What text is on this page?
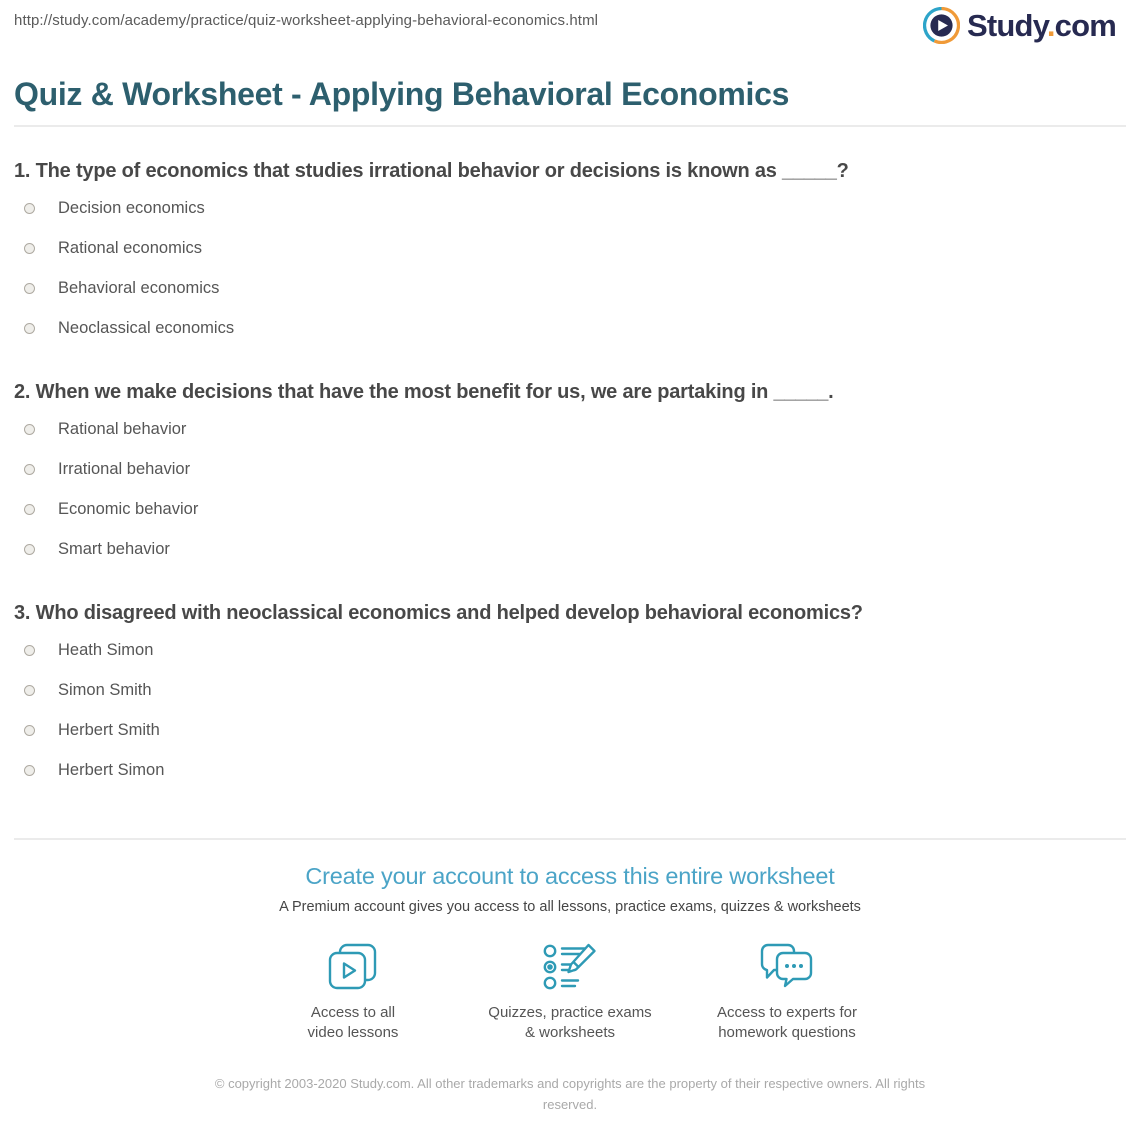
http://study.com/academy/practice/quiz-worksheet-applying-behavioral-economics.html	Study.com
Quiz & Worksheet - Applying Behavioral Economics
1. The type of economics that studies irrational behavior or decisions is known as _____?
Decision economics
Rational economics
Behavioral economics
Neoclassical economics
2. When we make decisions that have the most benefit for us, we are partaking in _____.
Rational behavior
Irrational behavior
Economic behavior
Smart behavior
3. Who disagreed with neoclassical economics and helped develop behavioral economics?
Heath Simon
Simon Smith
Herbert Smith
Herbert Simon
Create your account to access this entire worksheet
A Premium account gives you access to all lessons, practice exams, quizzes & worksheets
Access to all
video lessons
Quizzes, practice exams
& worksheets
Access to experts for
homework questions
© copyright 2003-2020 Study.com. All other trademarks and copyrights are the property of their respective owners. All rights reserved.
